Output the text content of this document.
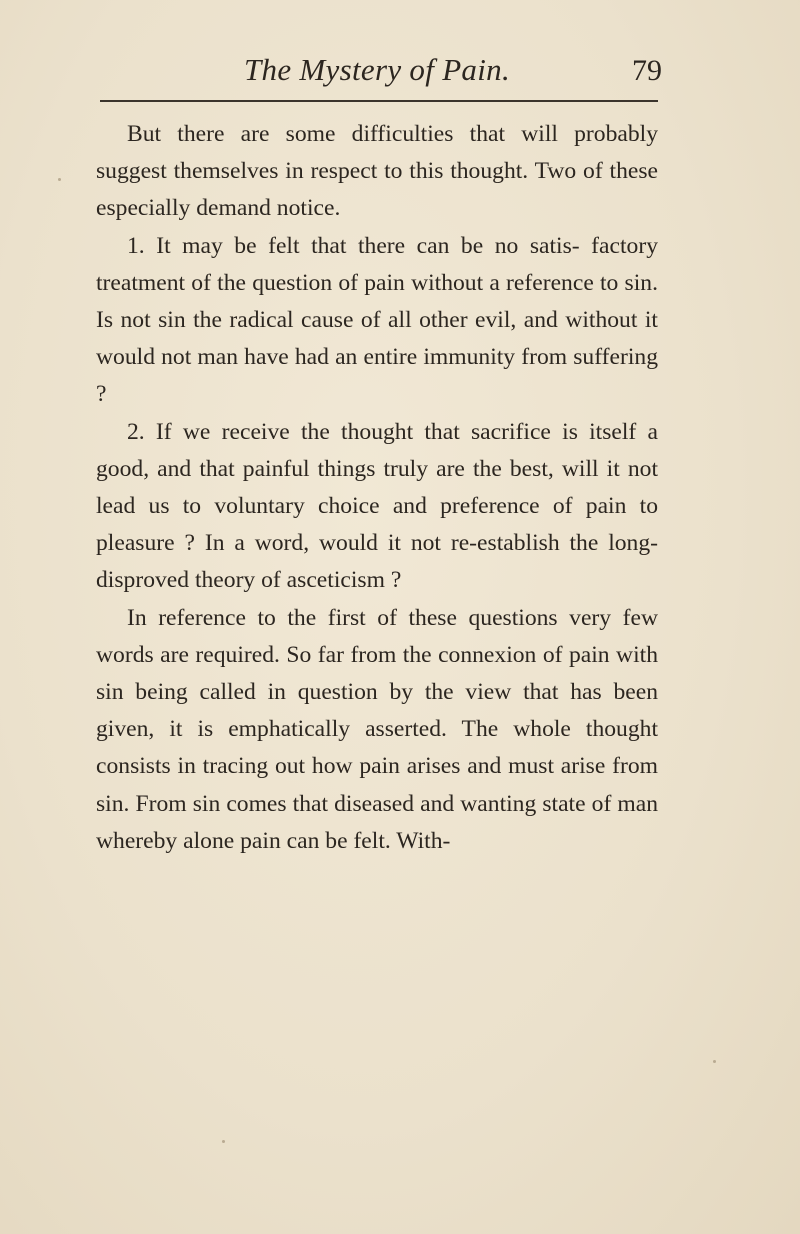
The Mystery of Pain.	79

But there are some difficulties that will probably suggest themselves in respect to this thought. Two of these especially demand notice.

1. It may be felt that there can be no satis- factory treatment of the question of pain without a reference to sin. Is not sin the radical cause of all other evil, and without it would not man have had an entire immunity from suffering ?

2. If we receive the thought that sacrifice is itself a good, and that painful things truly are the best, will it not lead us to voluntary choice and preference of pain to pleasure ? In a word, would it not re-establish the long- disproved theory of asceticism ?

In reference to the first of these questions very few words are required. So far from the connexion of pain with sin being called in question by the view that has been given, it is emphatically asserted. The whole thought consists in tracing out how pain arises and must arise from sin. From sin comes that diseased and wanting state of man whereby alone pain can be felt. With-
